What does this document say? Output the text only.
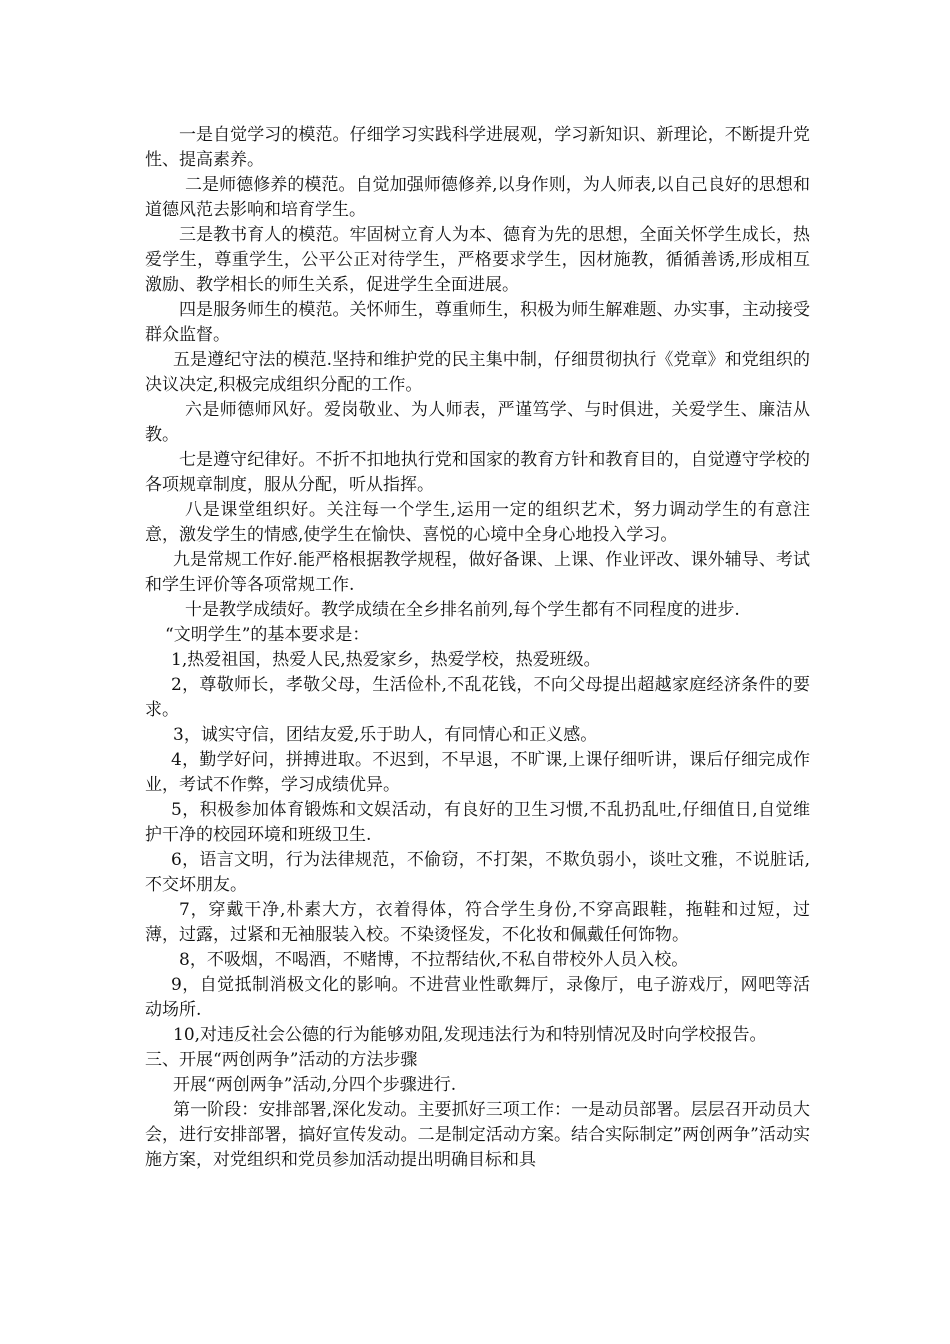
一是自觉学习的模范。仔细学习实践科学进展观，学习新知识、新理论，不断提升党性、提高素养。

二是师德修养的模范。自觉加强师德修养,以身作则，为人师表,以自己良好的思想和道德风范去影响和培育学生。

三是教书育人的模范。牢固树立育人为本、德育为先的思想，全面关怀学生成长，热爱学生，尊重学生，公平公正对待学生，严格要求学生，因材施教，循循善诱,形成相互激励、教学相长的师生关系，促进学生全面进展。

四是服务师生的模范。关怀师生，尊重师生，积极为师生解难题、办实事，主动接受群众监督。

五是遵纪守法的模范.坚持和维护党的民主集中制，仔细贯彻执行《党章》和党组织的决议决定,积极完成组织分配的工作。

六是师德师风好。爱岗敬业、为人师表，严谨笃学、与时俱进，关爱学生、廉洁从教。

七是遵守纪律好。不折不扣地执行党和国家的教育方针和教育目的，自觉遵守学校的各项规章制度，服从分配，听从指挥。

八是课堂组织好。关注每一个学生,运用一定的组织艺术，努力调动学生的有意注意，激发学生的情感,使学生在愉快、喜悦的心境中全身心地投入学习。

九是常规工作好.能严格根据教学规程，做好备课、上课、作业评改、课外辅导、考试和学生评价等各项常规工作.

十是教学成绩好。教学成绩在全乡排名前列,每个学生都有不同程度的进步.

“文明学生”的基本要求是：

1,热爱祖国，热爱人民,热爱家乡，热爱学校，热爱班级。

2，尊敬师长，孝敬父母，生活俭朴,不乱花钱，不向父母提出超越家庭经济条件的要求。

3，诚实守信，团结友爱,乐于助人，有同情心和正义感。

4，勤学好问，拼搏进取。不迟到，不早退，不旷课,上课仔细听讲，课后仔细完成作业，考试不作弊，学习成绩优异。

5，积极参加体育锻炼和文娱活动，有良好的卫生习惯,不乱扔乱吐,仔细值日,自觉维护干净的校园环境和班级卫生.

6，语言文明，行为法律规范，不偷窃，不打架，不欺负弱小，谈吐文雅，不说脏话,不交坏朋友。

7，穿戴干净,朴素大方，衣着得体，符合学生身份,不穿高跟鞋，拖鞋和过短，过薄，过露，过紧和无袖服装入校。不染烫怪发，不化妆和佩戴任何饰物。

8，不吸烟，不喝酒，不赌博，不拉帮结伙,不私自带校外人员入校。

9，自觉抵制消极文化的影响。不进营业性歌舞厅，录像厅，电子游戏厅，网吧等活动场所.

10,对违反社会公德的行为能够劝阻,发现违法行为和特别情况及时向学校报告。

三、开展“两创两争”活动的方法步骤

开展“两创两争”活动,分四个步骤进行.

第一阶段：安排部署,深化发动。主要抓好三项工作：一是动员部署。层层召开动员大会，进行安排部署，搞好宣传发动。二是制定活动方案。结合实际制定”两创两争”活动实施方案，对党组织和党员参加活动提出明确目标和具
